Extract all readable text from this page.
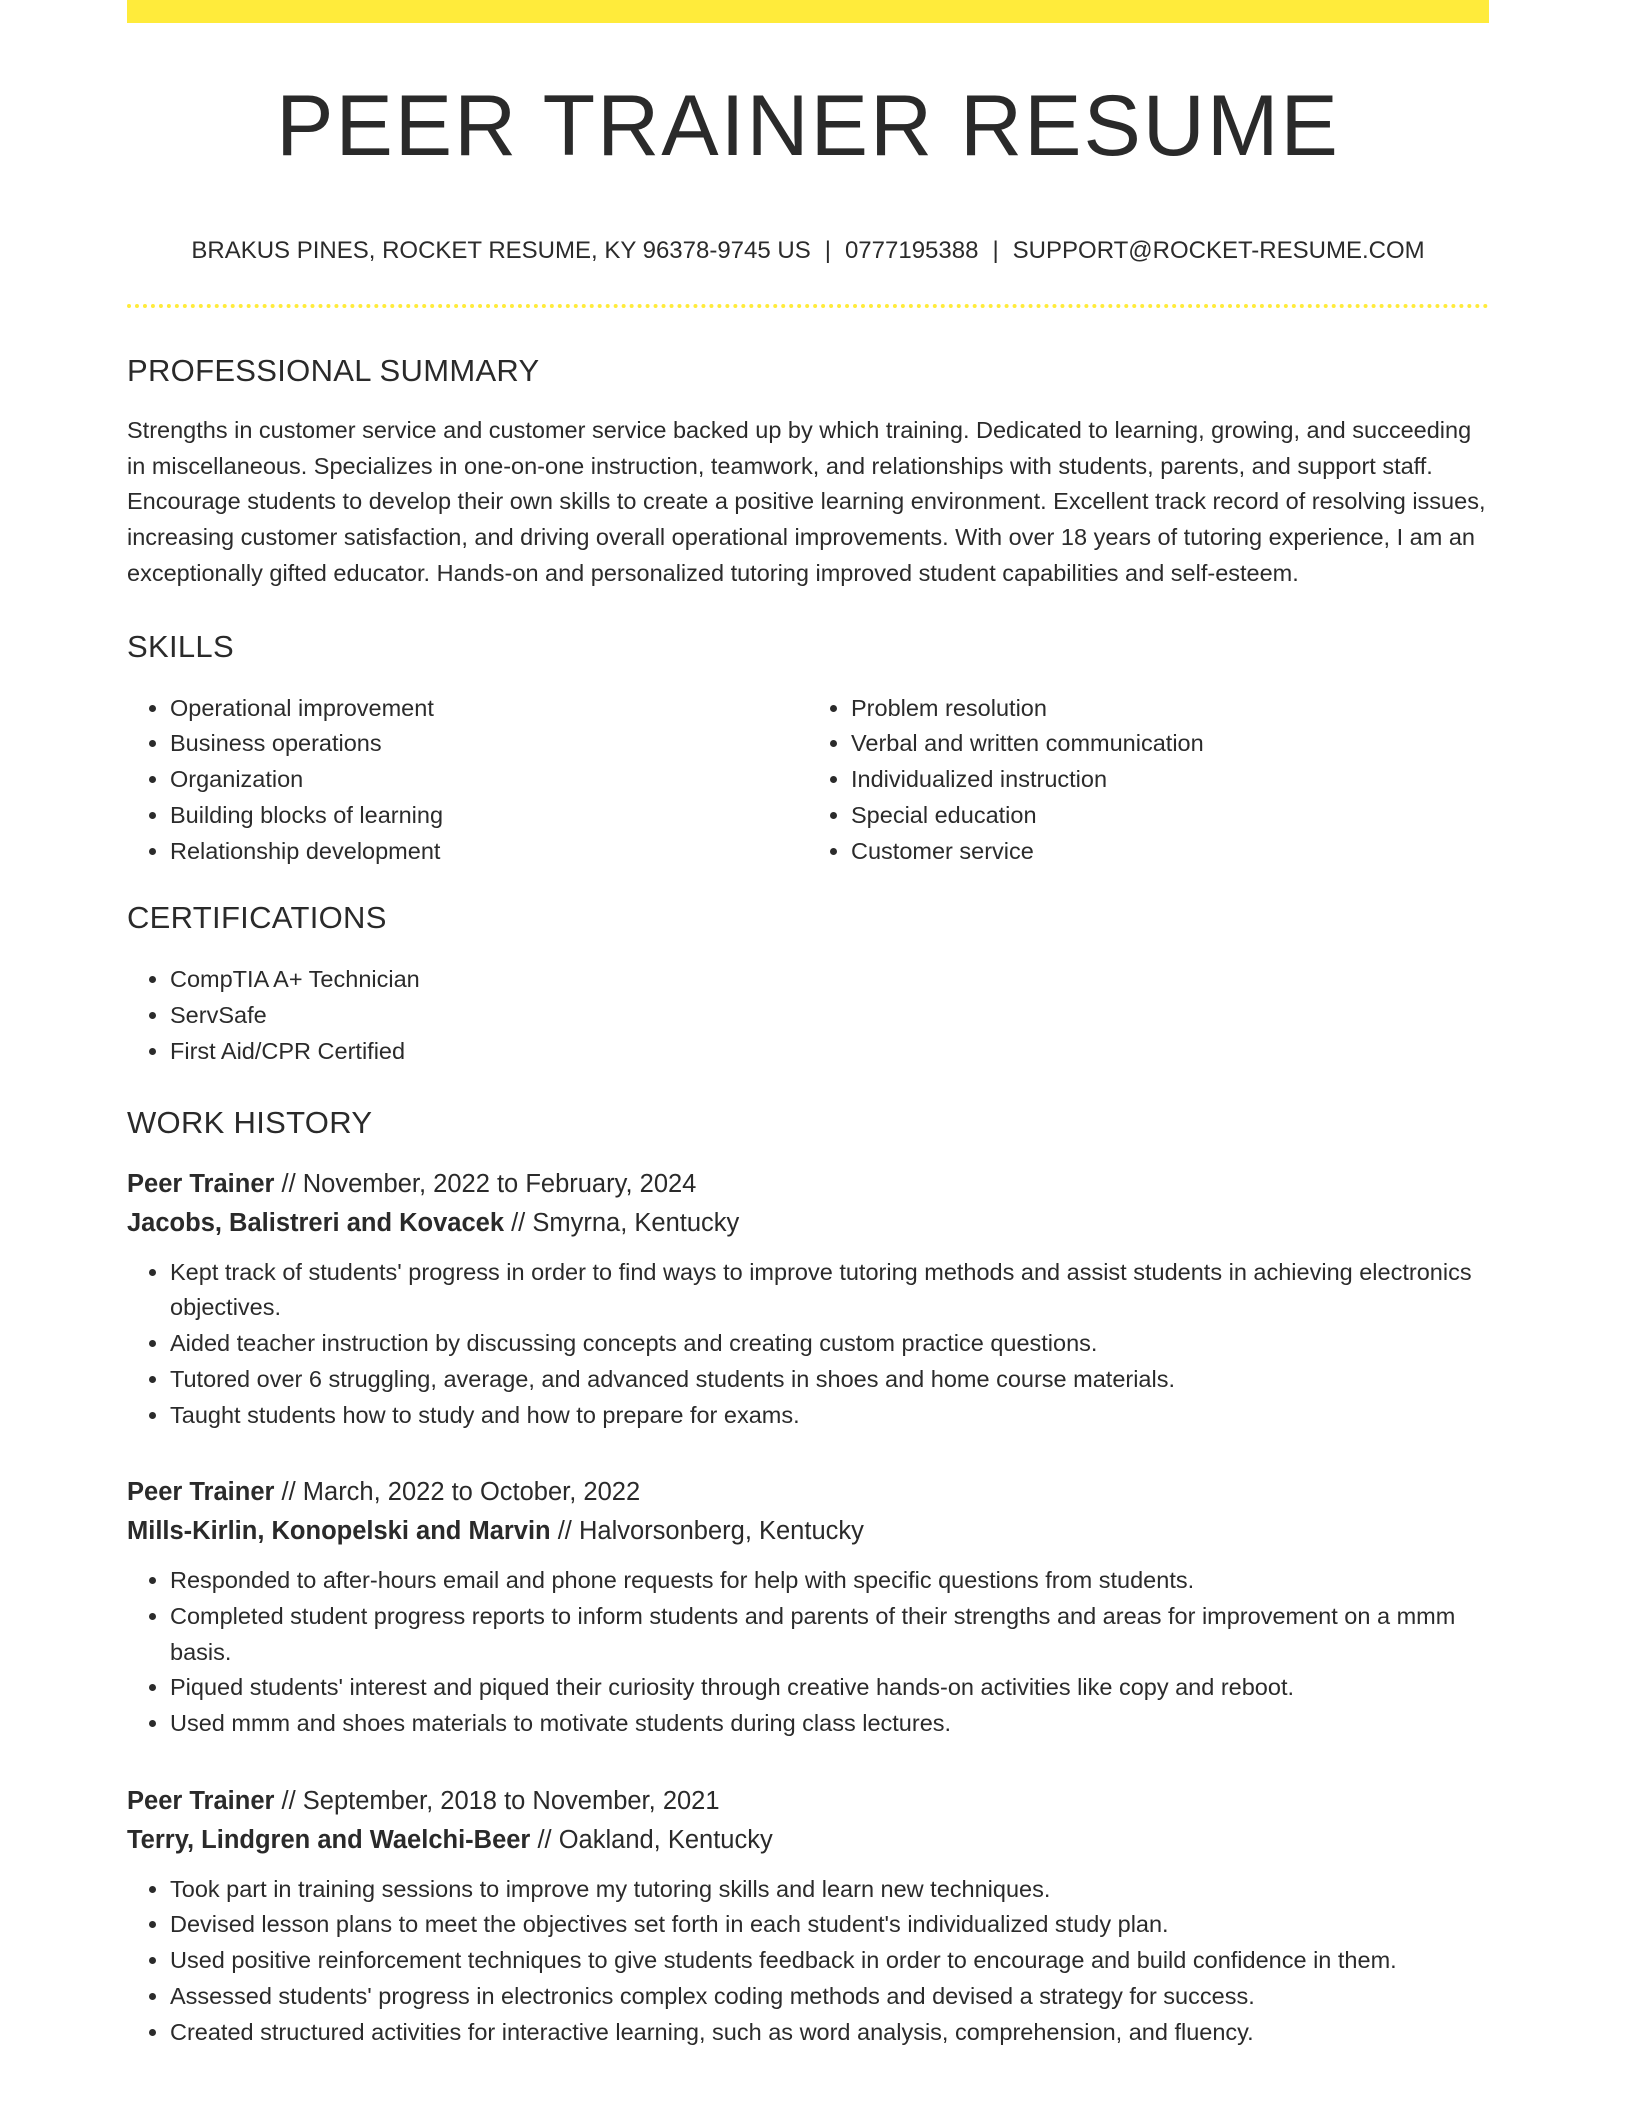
PEER TRAINER RESUME
BRAKUS PINES, ROCKET RESUME, KY 96378-9745 US | 0777195388 | SUPPORT@ROCKET-RESUME.COM
PROFESSIONAL SUMMARY

Strengths in customer service and customer service backed up by which training. Dedicated to learning, growing, and succeeding in miscellaneous. Specializes in one-on-one instruction, teamwork, and relationships with students, parents, and support staff. Encourage students to develop their own skills to create a positive learning environment. Excellent track record of resolving issues, increasing customer satisfaction, and driving overall operational improvements. With over 18 years of tutoring experience, I am an exceptionally gifted educator. Hands-on and personalized tutoring improved student capabilities and self-esteem.

SKILLS
• Operational improvement
• Business operations
• Organization
• Building blocks of learning
• Relationship development
• Problem resolution
• Verbal and written communication
• Individualized instruction
• Special education
• Customer service
CERTIFICATIONS
• CompTIA A+ Technician
• ServSafe
• First Aid/CPR Certified
WORK HISTORY
Peer Trainer // November, 2022 to February, 2024
Jacobs, Balistreri and Kovacek // Smyrna, Kentucky
• Kept track of students' progress in order to find ways to improve tutoring methods and assist students in achieving electronics objectives.
• Aided teacher instruction by discussing concepts and creating custom practice questions.
• Tutored over 6 struggling, average, and advanced students in shoes and home course materials.
• Taught students how to study and how to prepare for exams.
Peer Trainer // March, 2022 to October, 2022
Mills-Kirlin, Konopelski and Marvin // Halvorsonberg, Kentucky
• Responded to after-hours email and phone requests for help with specific questions from students.
• Completed student progress reports to inform students and parents of their strengths and areas for improvement on a mmm basis.
• Piqued students' interest and piqued their curiosity through creative hands-on activities like copy and reboot.
• Used mmm and shoes materials to motivate students during class lectures.
Peer Trainer // September, 2018 to November, 2021
Terry, Lindgren and Waelchi-Beer // Oakland, Kentucky
• Took part in training sessions to improve my tutoring skills and learn new techniques.
• Devised lesson plans to meet the objectives set forth in each student's individualized study plan.
• Used positive reinforcement techniques to give students feedback in order to encourage and build confidence in them.
• Assessed students' progress in electronics complex coding methods and devised a strategy for success.
• Created structured activities for interactive learning, such as word analysis, comprehension, and fluency.
